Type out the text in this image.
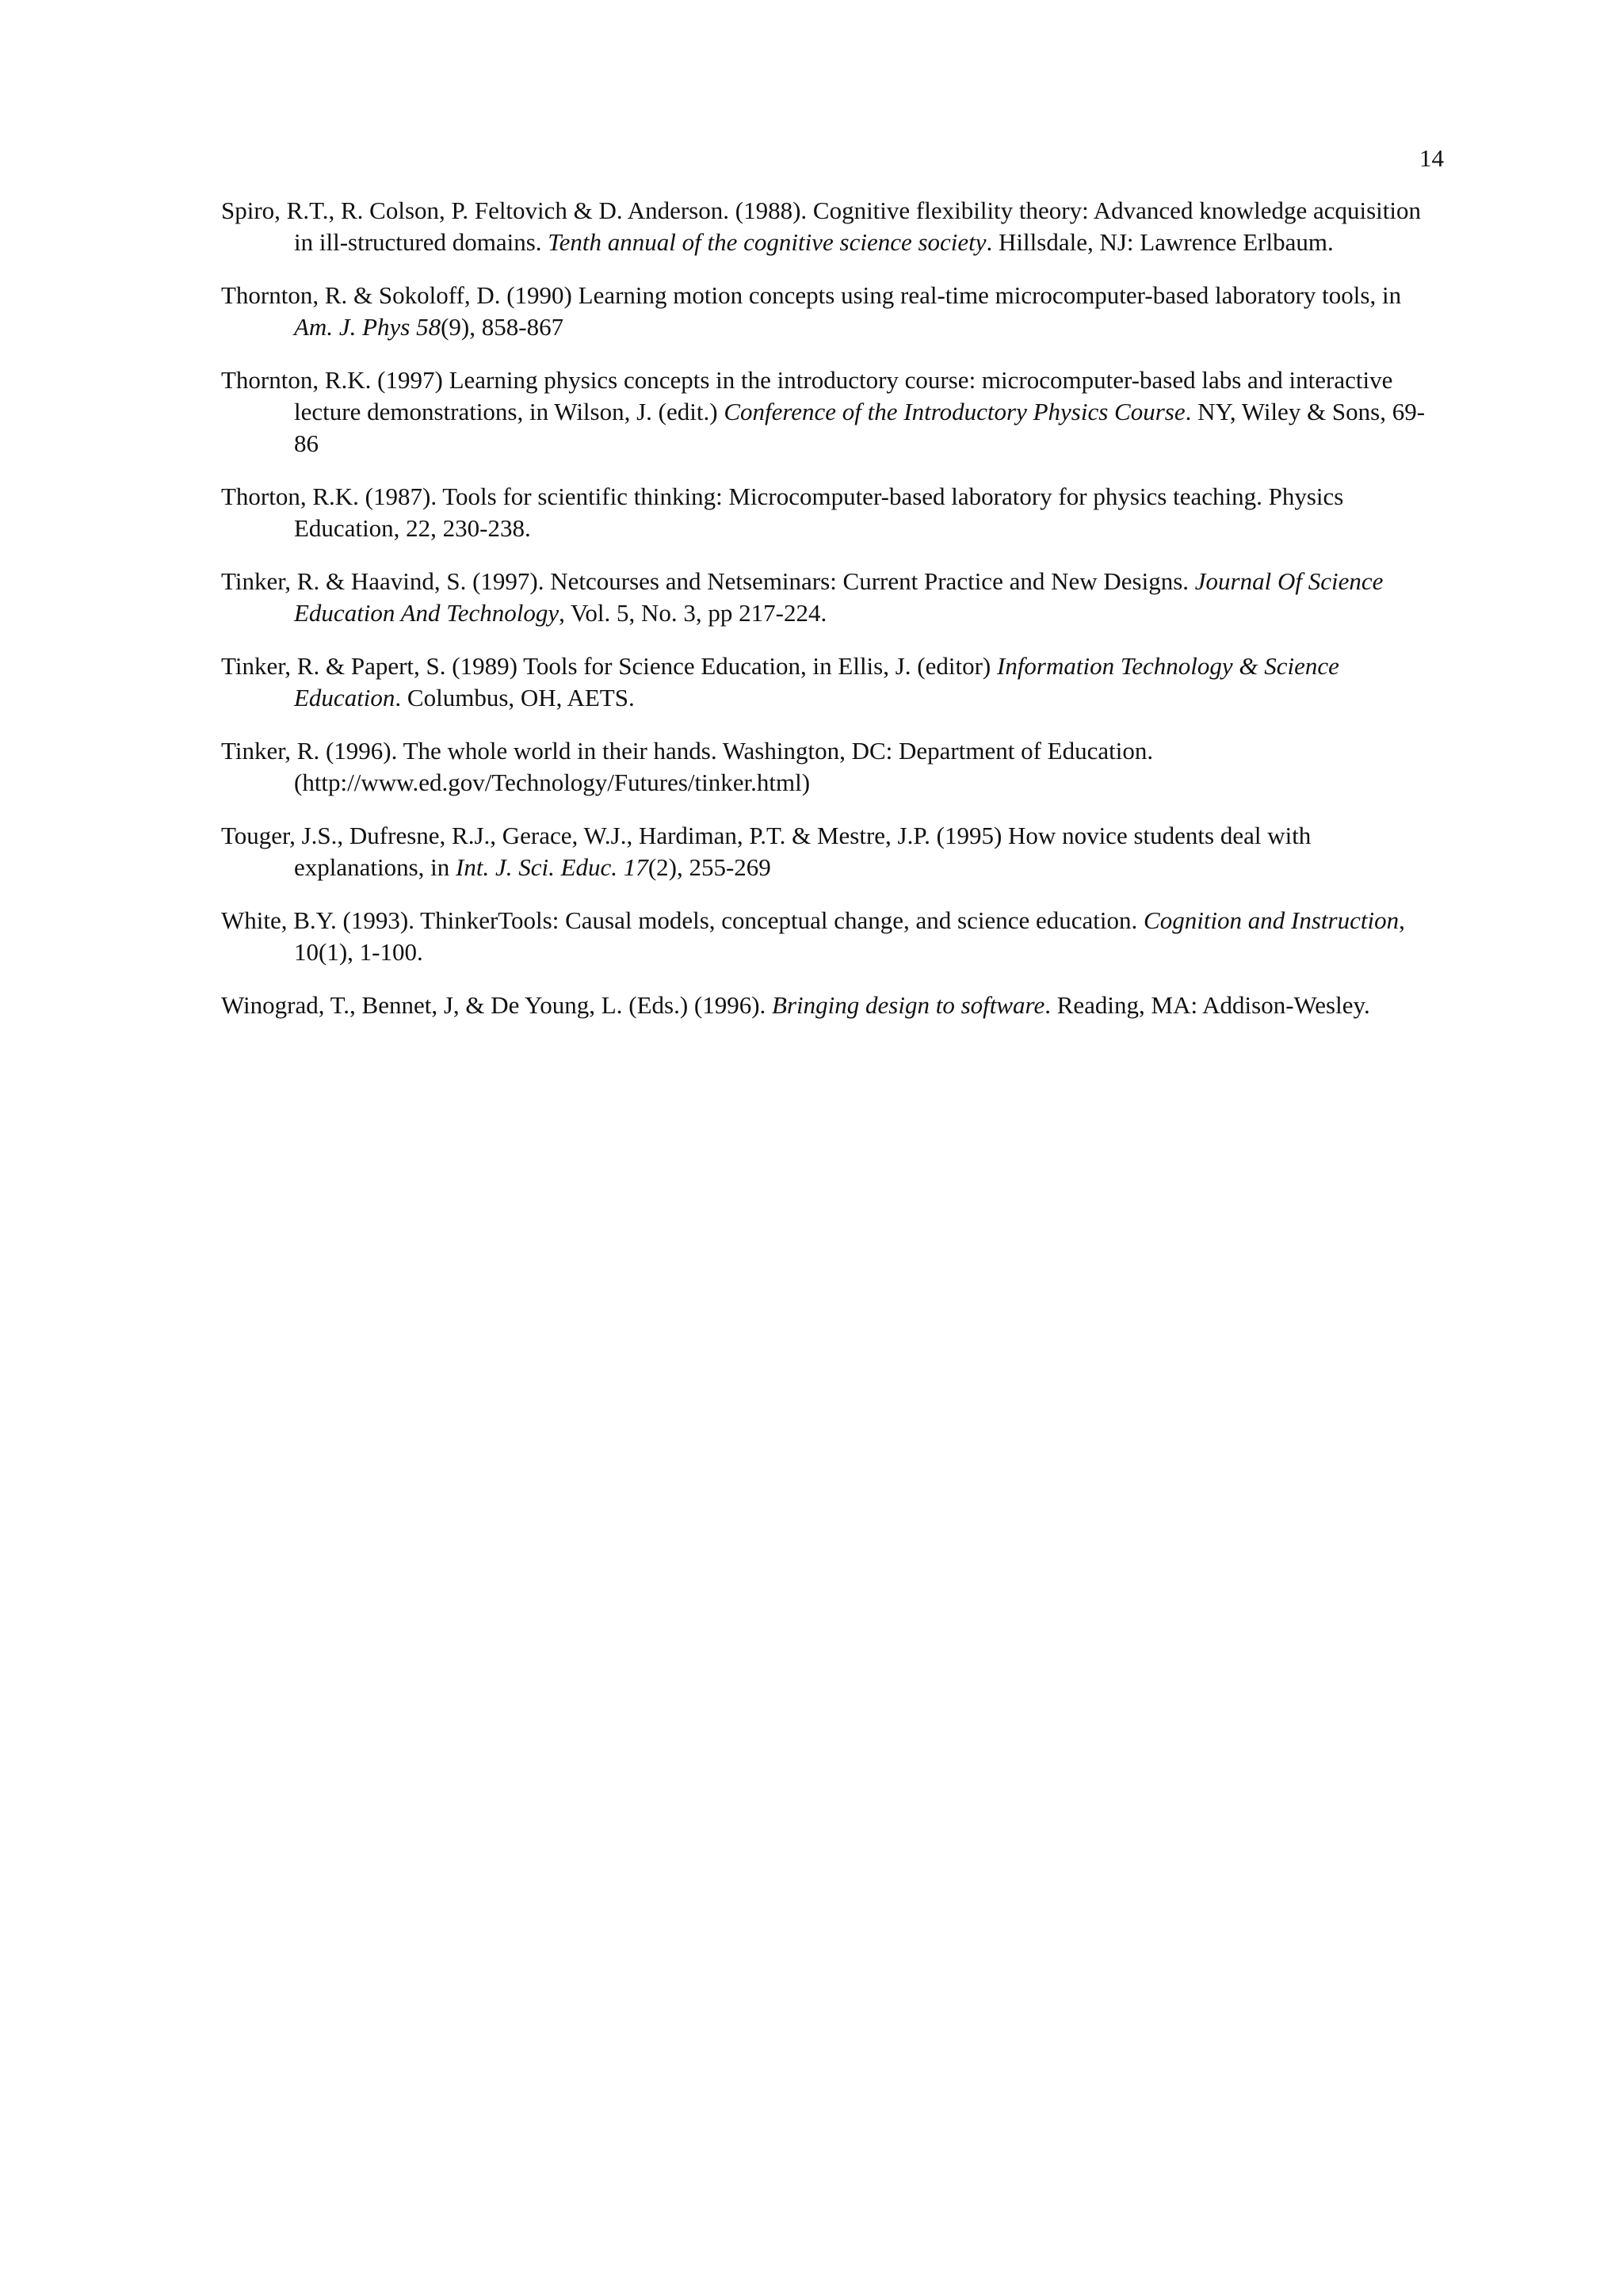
14

Spiro, R.T., R. Colson, P. Feltovich & D. Anderson. (1988). Cognitive flexibility theory: Advanced knowledge acquisition in ill-structured domains. Tenth annual of the cognitive science society. Hillsdale, NJ: Lawrence Erlbaum.

Thornton, R. & Sokoloff, D. (1990) Learning motion concepts using real-time microcomputer-based laboratory tools, in Am. J. Phys 58(9), 858-867

Thornton, R.K. (1997) Learning physics concepts in the introductory course: microcomputer-based labs and interactive lecture demonstrations, in Wilson, J. (edit.) Conference of the Introductory Physics Course. NY, Wiley & Sons, 69-86

Thorton, R.K. (1987). Tools for scientific thinking: Microcomputer-based laboratory for physics teaching. Physics Education, 22, 230-238.

Tinker, R. & Haavind, S. (1997). Netcourses and Netseminars: Current Practice and New Designs. Journal Of Science Education And Technology, Vol. 5, No. 3, pp 217-224.

Tinker, R. & Papert, S. (1989) Tools for Science Education, in Ellis, J. (editor) Information Technology & Science Education. Columbus, OH, AETS.

Tinker, R. (1996). The whole world in their hands. Washington, DC: Department of Education. (http://www.ed.gov/Technology/Futures/tinker.html)

Touger, J.S., Dufresne, R.J., Gerace, W.J., Hardiman, P.T. & Mestre, J.P. (1995) How novice students deal with explanations, in Int. J. Sci. Educ. 17(2), 255-269

White, B.Y. (1993). ThinkerTools: Causal models, conceptual change, and science education. Cognition and Instruction, 10(1), 1-100.

Winograd, T., Bennet, J, & De Young, L. (Eds.) (1996). Bringing design to software. Reading, MA: Addison-Wesley.
